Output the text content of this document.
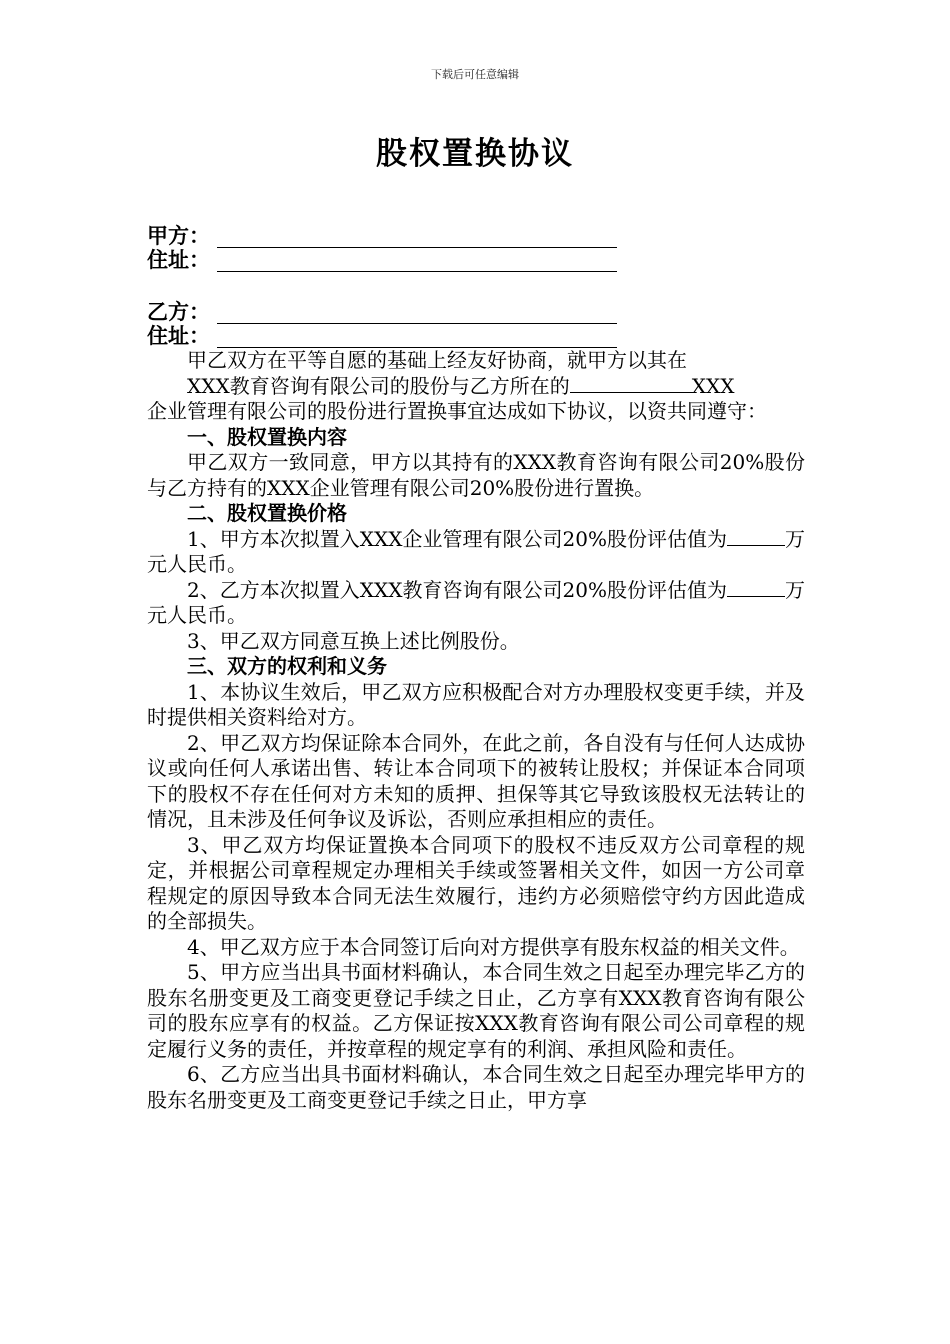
下载后可任意编辑
股权置换协议
甲方：
住址：
乙方：
住址：

甲乙双方在平等自愿的基础上经友好协商，就甲方以其在
XXX教育咨询有限公司的股份与乙方所在的	XXX
企业管理有限公司的股份进行置换事宜达成如下协议，以资共同遵守：

一、股权置换内容

甲乙双方一致同意，甲方以其持有的XXX教育咨询有限公司20%股份与乙方持有的XXX企业管理有限公司20%股份进行置换。

二、股权置换价格

1、甲方本次拟置入XXX企业管理有限公司20%股份评估值为	万元人民币。

2、乙方本次拟置入XXX教育咨询有限公司20%股份评估值为	万元人民币。

3、甲乙双方同意互换上述比例股份。

三、双方的权利和义务

1、本协议生效后，甲乙双方应积极配合对方办理股权变更手续，并及时提供相关资料给对方。

2、甲乙双方均保证除本合同外，在此之前，各自没有与任何人达成协议或向任何人承诺出售、转让本合同项下的被转让股权；并保证本合同项下的股权不存在任何对方未知的质押、担保等其它导致该股权无法转让的情况，且未涉及任何争议及诉讼，否则应承担相应的责任。

3、甲乙双方均保证置换本合同项下的股权不违反双方公司章程的规定，并根据公司章程规定办理相关手续或签署相关文件，如因一方公司章程规定的原因导致本合同无法生效履行，违约方必须赔偿守约方因此造成的全部损失。

4、甲乙双方应于本合同签订后向对方提供享有股东权益的相关文件。

5、甲方应当出具书面材料确认，本合同生效之日起至办理完毕乙方的股东名册变更及工商变更登记手续之日止，乙方享有XXX教育咨询有限公司的股东应享有的权益。乙方保证按XXX教育咨询有限公司公司章程的规定履行义务的责任，并按章程的规定享有的利润、承担风险和责任。

6、乙方应当出具书面材料确认，本合同生效之日起至办理完毕甲方的股东名册变更及工商变更登记手续之日止，甲方享
